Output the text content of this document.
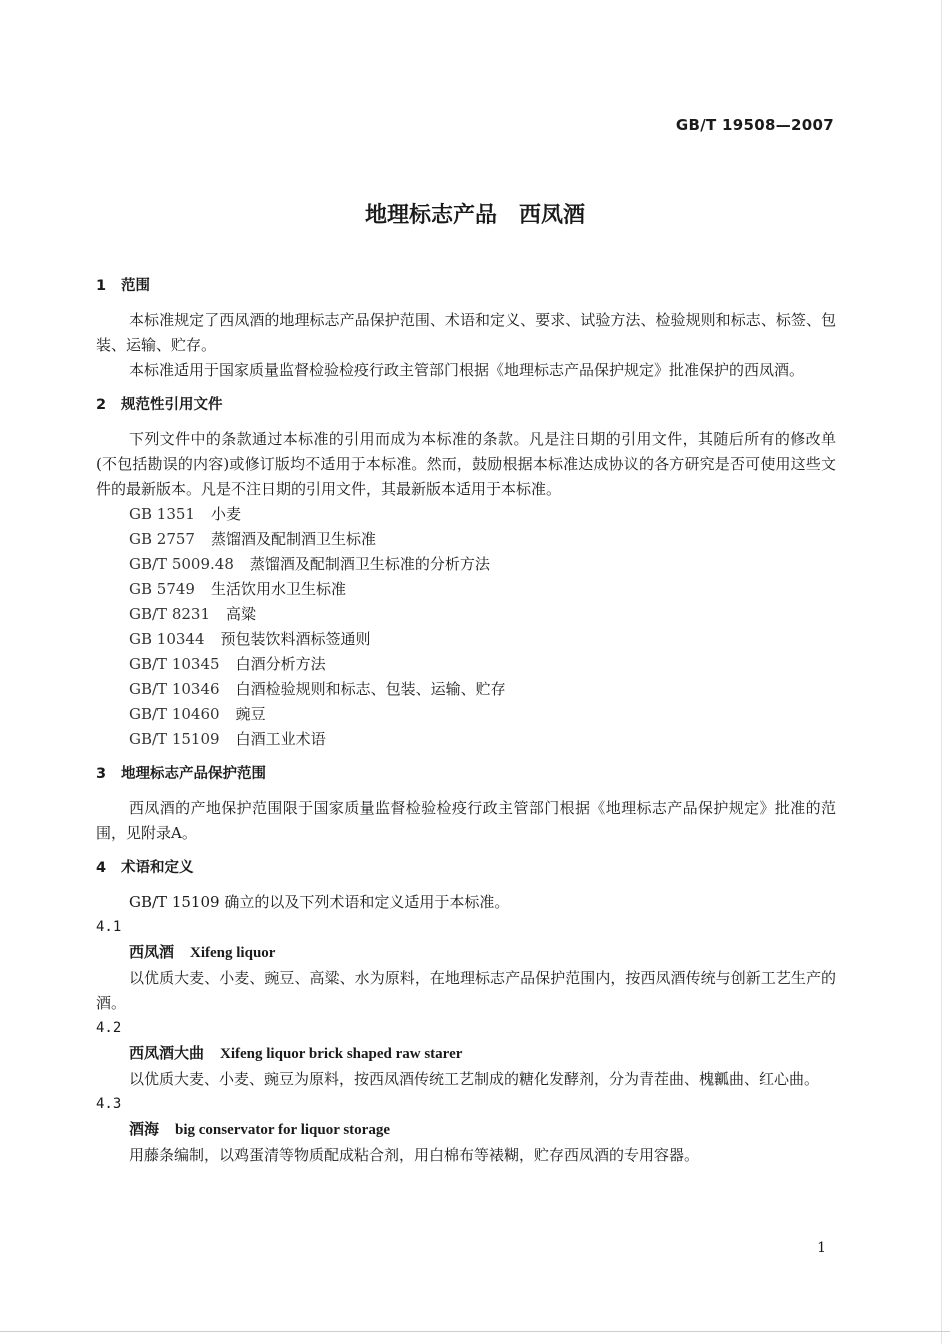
GB/T 19508—2007
地理标志产品　西凤酒
1 范围

本标准规定了西凤酒的地理标志产品保护范围、术语和定义、要求、试验方法、检验规则和标志、标签、包装、运输、贮存。

本标准适用于国家质量监督检验检疫行政主管部门根据《地理标志产品保护规定》批准保护的西凤酒。

2 规范性引用文件

下列文件中的条款通过本标准的引用而成为本标准的条款。凡是注日期的引用文件，其随后所有的修改单(不包括勘误的内容)或修订版均不适用于本标准。然而，鼓励根据本标准达成协议的各方研究是否可使用这些文件的最新版本。凡是不注日期的引用文件，其最新版本适用于本标准。

GB 1351 小麦
GB 2757 蒸馏酒及配制酒卫生标准
GB/T 5009.48 蒸馏酒及配制酒卫生标准的分析方法
GB 5749 生活饮用水卫生标准
GB/T 8231 高粱
GB 10344 预包装饮料酒标签通则
GB/T 10345 白酒分析方法
GB/T 10346 白酒检验规则和标志、包装、运输、贮存
GB/T 10460 豌豆
GB/T 15109 白酒工业术语
3 地理标志产品保护范围

西凤酒的产地保护范围限于国家质量监督检验检疫行政主管部门根据《地理标志产品保护规定》批准的范围，见附录A。

4 术语和定义

GB/T 15109 确立的以及下列术语和定义适用于本标准。

4.1

西凤酒 Xifeng liquor

以优质大麦、小麦、豌豆、高粱、水为原料，在地理标志产品保护范围内，按西凤酒传统与创新工艺生产的酒。

4.2

西凤酒大曲 Xifeng liquor brick shaped raw starer

以优质大麦、小麦、豌豆为原料，按西凤酒传统工艺制成的糖化发酵剂，分为青茬曲、槐瓤曲、红心曲。

4.3

酒海 big conservator for liquor storage

用藤条编制，以鸡蛋清等物质配成粘合剂，用白棉布等裱糊，贮存西凤酒的专用容器。

1
